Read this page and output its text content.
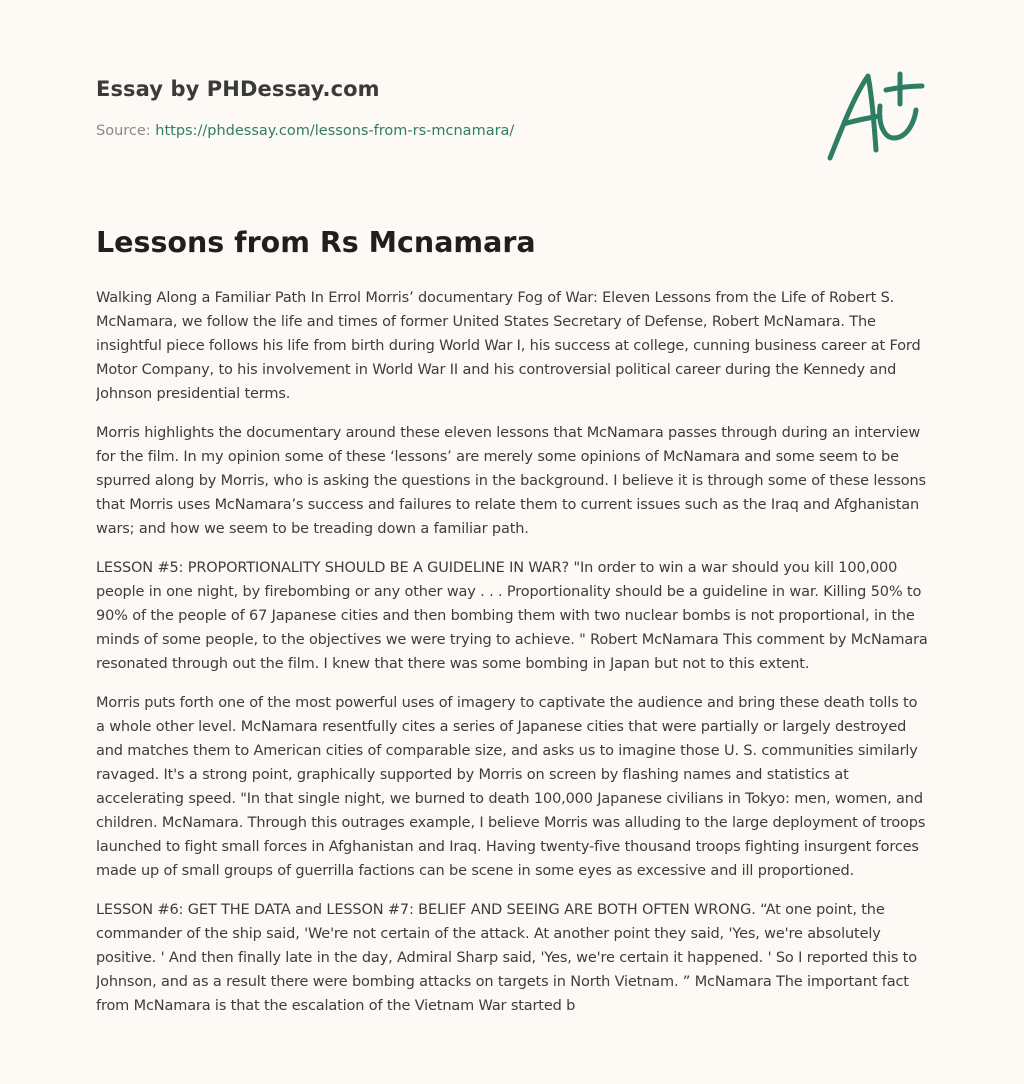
Essay by PHDessay.com
Source: https://phdessay.com/lessons-from-rs-mcnamara/
Lessons from Rs Mcnamara

Walking Along a Familiar Path In Errol Morris’ documentary Fog of War: Eleven Lessons from the Life of Robert S. McNamara, we follow the life and times of former United States Secretary of Defense, Robert McNamara. The insightful piece follows his life from birth during World War I, his success at college, cunning business career at Ford Motor Company, to his involvement in World War II and his controversial political career during the Kennedy and Johnson presidential terms.

Morris highlights the documentary around these eleven lessons that McNamara passes through during an interview for the film. In my opinion some of these ‘lessons’ are merely some opinions of McNamara and some seem to be spurred along by Morris, who is asking the questions in the background. I believe it is through some of these lessons that Morris uses McNamara’s success and failures to relate them to current issues such as the Iraq and Afghanistan wars; and how we seem to be treading down a familiar path.

LESSON #5: PROPORTIONALITY SHOULD BE A GUIDELINE IN WAR? "In order to win a war should you kill 100,000 people in one night, by firebombing or any other way . . . Proportionality should be a guideline in war. Killing 50% to 90% of the people of 67 Japanese cities and then bombing them with two nuclear bombs is not proportional, in the minds of some people, to the objectives we were trying to achieve. " Robert McNamara This comment by McNamara resonated through out the film. I knew that there was some bombing in Japan but not to this extent.

Morris puts forth one of the most powerful uses of imagery to captivate the audience and bring these death tolls to a whole other level. McNamara resentfully cites a series of Japanese cities that were partially or largely destroyed and matches them to American cities of comparable size, and asks us to imagine those U. S. communities similarly ravaged. It's a strong point, graphically supported by Morris on screen by flashing names and statistics at accelerating speed. "In that single night, we burned to death 100,000 Japanese civilians in Tokyo: men, women, and children. McNamara. Through this outrages example, I believe Morris was alluding to the large deployment of troops launched to fight small forces in Afghanistan and Iraq. Having twenty-five thousand troops fighting insurgent forces made up of small groups of guerrilla factions can be scene in some eyes as excessive and ill proportioned.

LESSON #6: GET THE DATA and LESSON #7: BELIEF AND SEEING ARE BOTH OFTEN WRONG. “At one point, the commander of the ship said, 'We're not certain of the attack. At another point they said, 'Yes, we're absolutely positive. ' And then finally late in the day, Admiral Sharp said, 'Yes, we're certain it happened. ' So I reported this to Johnson, and as a result there were bombing attacks on targets in North Vietnam. ” McNamara The important fact from McNamara is that the escalation of the Vietnam War started b
